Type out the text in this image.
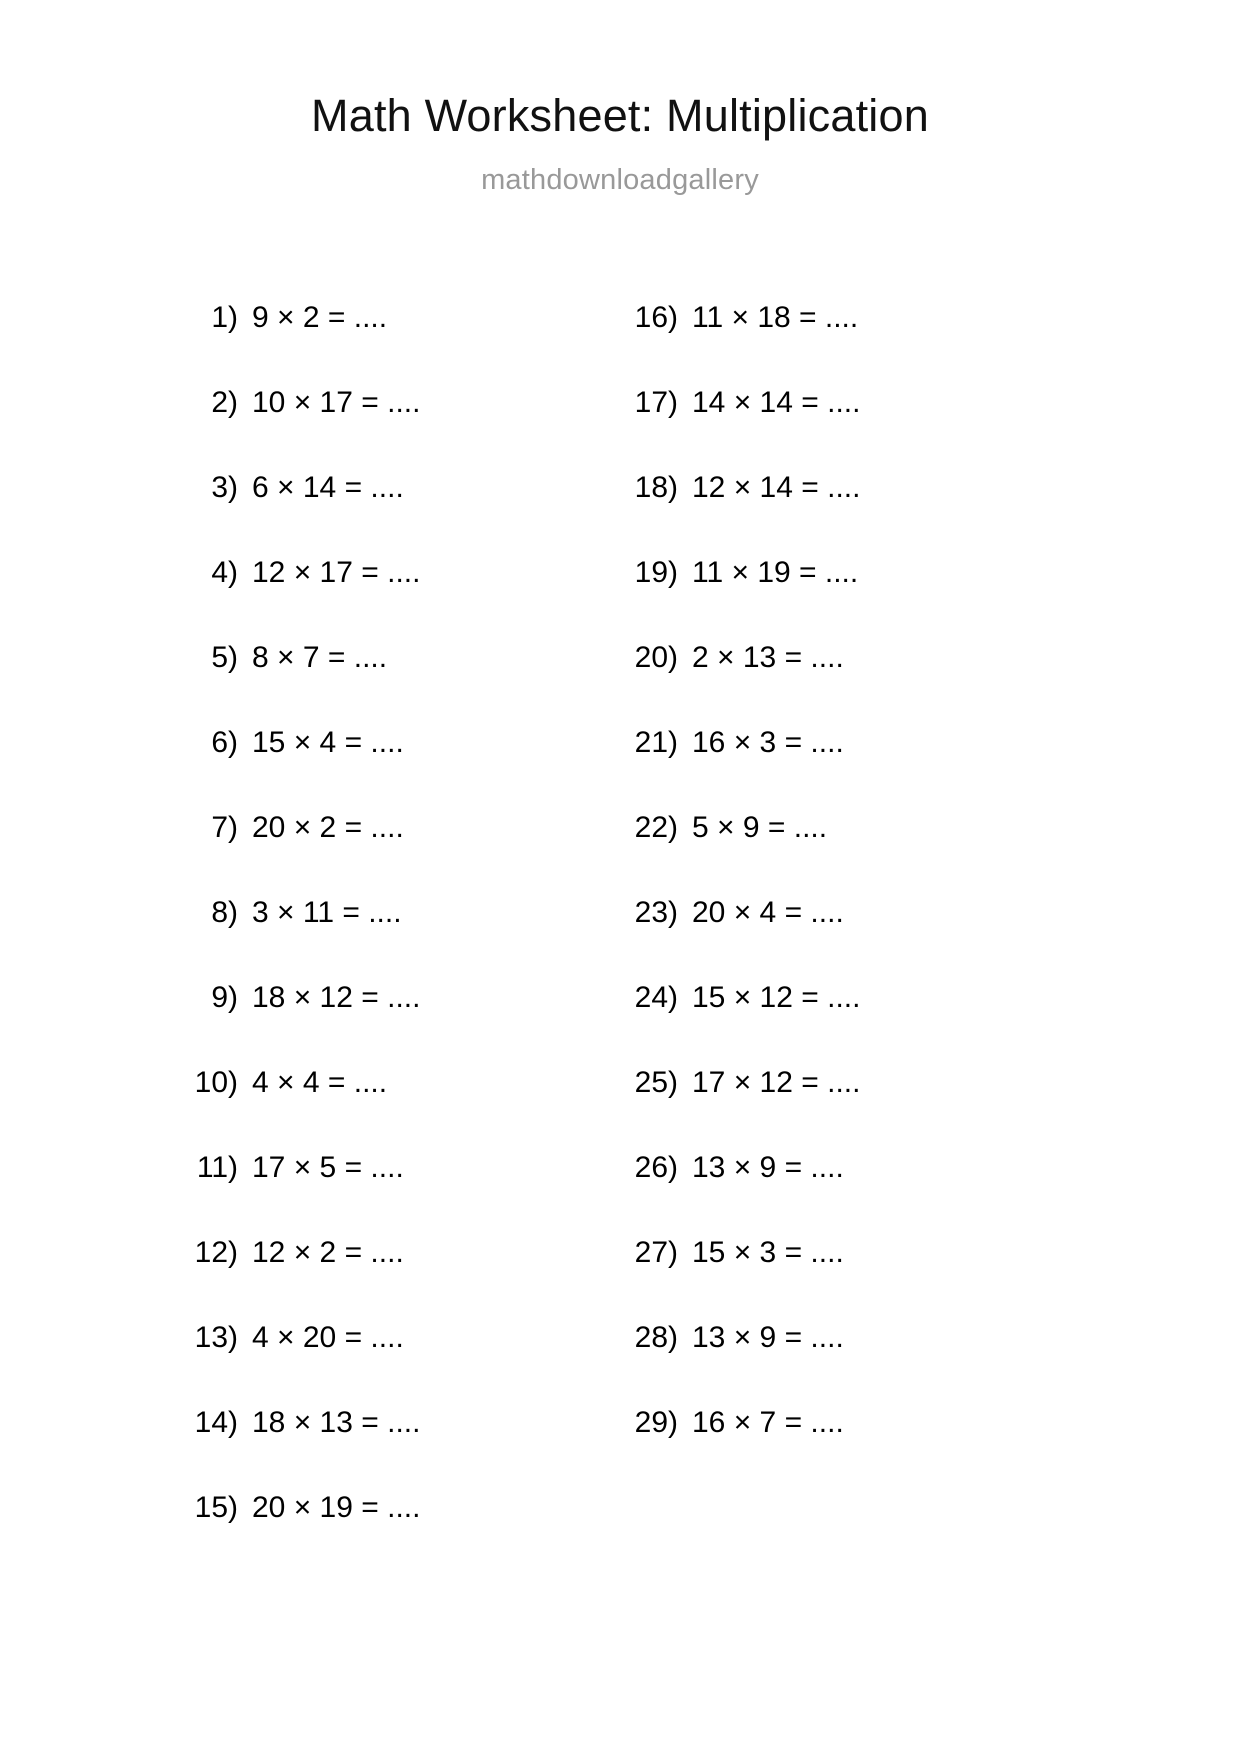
Math Worksheet: Multiplication
mathdownloadgallery
1) 9 × 2 = ....
2) 10 × 17 = ....
3) 6 × 14 = ....
4) 12 × 17 = ....
5) 8 × 7 = ....
6) 15 × 4 = ....
7) 20 × 2 = ....
8) 3 × 11 = ....
9) 18 × 12 = ....
10) 4 × 4 = ....
11) 17 × 5 = ....
12) 12 × 2 = ....
13) 4 × 20 = ....
14) 18 × 13 = ....
15) 20 × 19 = ....
16) 11 × 18 = ....
17) 14 × 14 = ....
18) 12 × 14 = ....
19) 11 × 19 = ....
20) 2 × 13 = ....
21) 16 × 3 = ....
22) 5 × 9 = ....
23) 20 × 4 = ....
24) 15 × 12 = ....
25) 17 × 12 = ....
26) 13 × 9 = ....
27) 15 × 3 = ....
28) 13 × 9 = ....
29) 16 × 7 = ....
